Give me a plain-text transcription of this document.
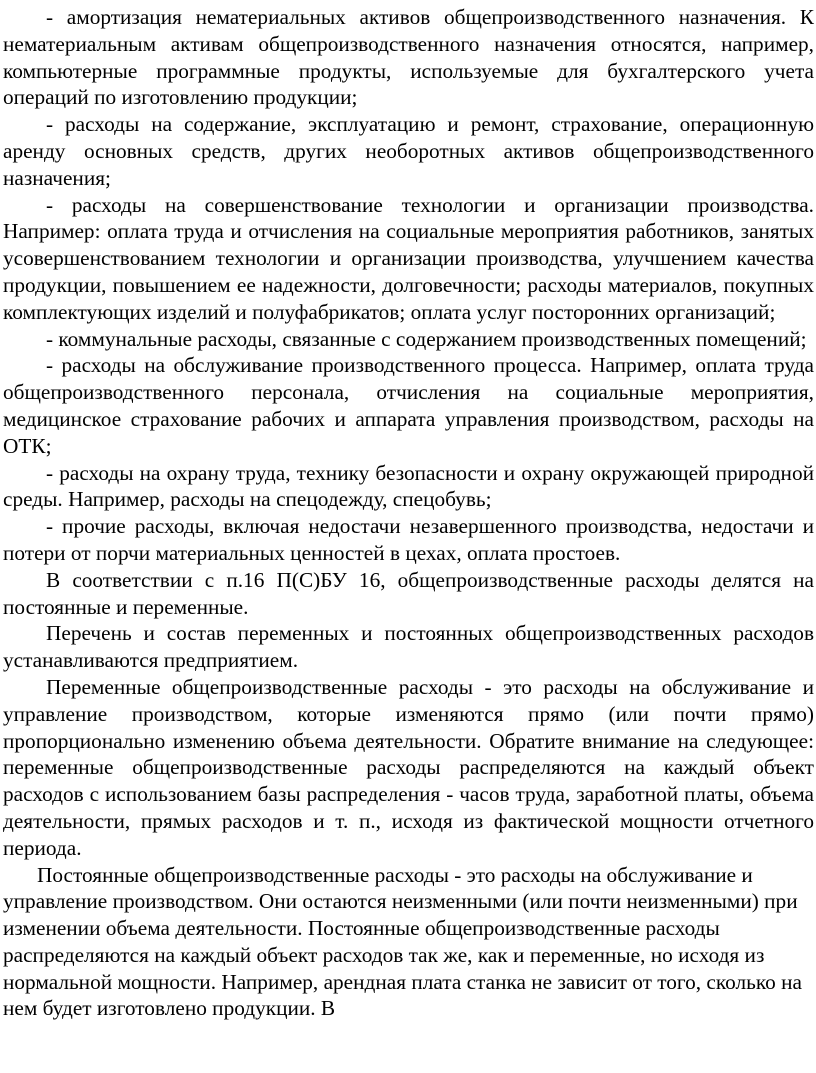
- амортизация нематериальных активов общепроизводственного назначения. К нематериальным активам общепроизводственного назначения относятся, например, компьютерные программные продукты, используемые для бухгалтерского учета операций по изготовлению продукции;

- расходы на содержание, эксплуатацию и ремонт, страхование, операционную аренду основных средств, других необоротных активов общепроизводственного назначения;

- расходы на совершенствование технологии и организации производства. Например: оплата труда и отчисления на социальные мероприятия работников, занятых усовершенствованием технологии и организации производства, улучшением качества продукции, повышением ее надежности, долговечности; расходы материалов, покупных комплектующих изделий и полуфабрикатов; оплата услуг посторонних организаций;

- коммунальные расходы, связанные с содержанием производственных помещений;

- расходы на обслуживание производственного процесса. Например, оплата труда общепроизводственного персонала, отчисления на социальные мероприятия, медицинское страхование рабочих и аппарата управления производством, расходы на ОТК;

- расходы на охрану труда, технику безопасности и охрану окружающей природной среды. Например, расходы на спецодежду, спецобувь;

- прочие расходы, включая недостачи незавершенного производства, недостачи и потери от порчи материальных ценностей в цехах, оплата простоев.

В соответствии с п.16 П(С)БУ 16, общепроизводственные расходы делятся на постоянные и переменные.

Перечень и состав переменных и постоянных общепроизводственных расходов устанавливаются предприятием.

Переменные общепроизводственные расходы - это расходы на обслуживание и управление производством, которые изменяются прямо (или почти прямо) пропорционально изменению объема деятельности. Обратите внимание на следующее: переменные общепроизводственные расходы распределяются на каждый объект расходов с использованием базы распределения - часов труда, заработной платы, объема деятельности, прямых расходов и т. п., исходя из фактической мощности отчетного периода.

Постоянные общепроизводственные расходы - это расходы на обслуживание и управление производством. Они остаются неизменными (или почти неизменными) при изменении объема деятельности. Постоянные общепроизводственные расходы распределяются на каждый объект расходов так же, как и переменные, но исходя из нормальной мощности. Например, арендная плата станка не зависит от того, сколько на нем будет изготовлено продукции. В
